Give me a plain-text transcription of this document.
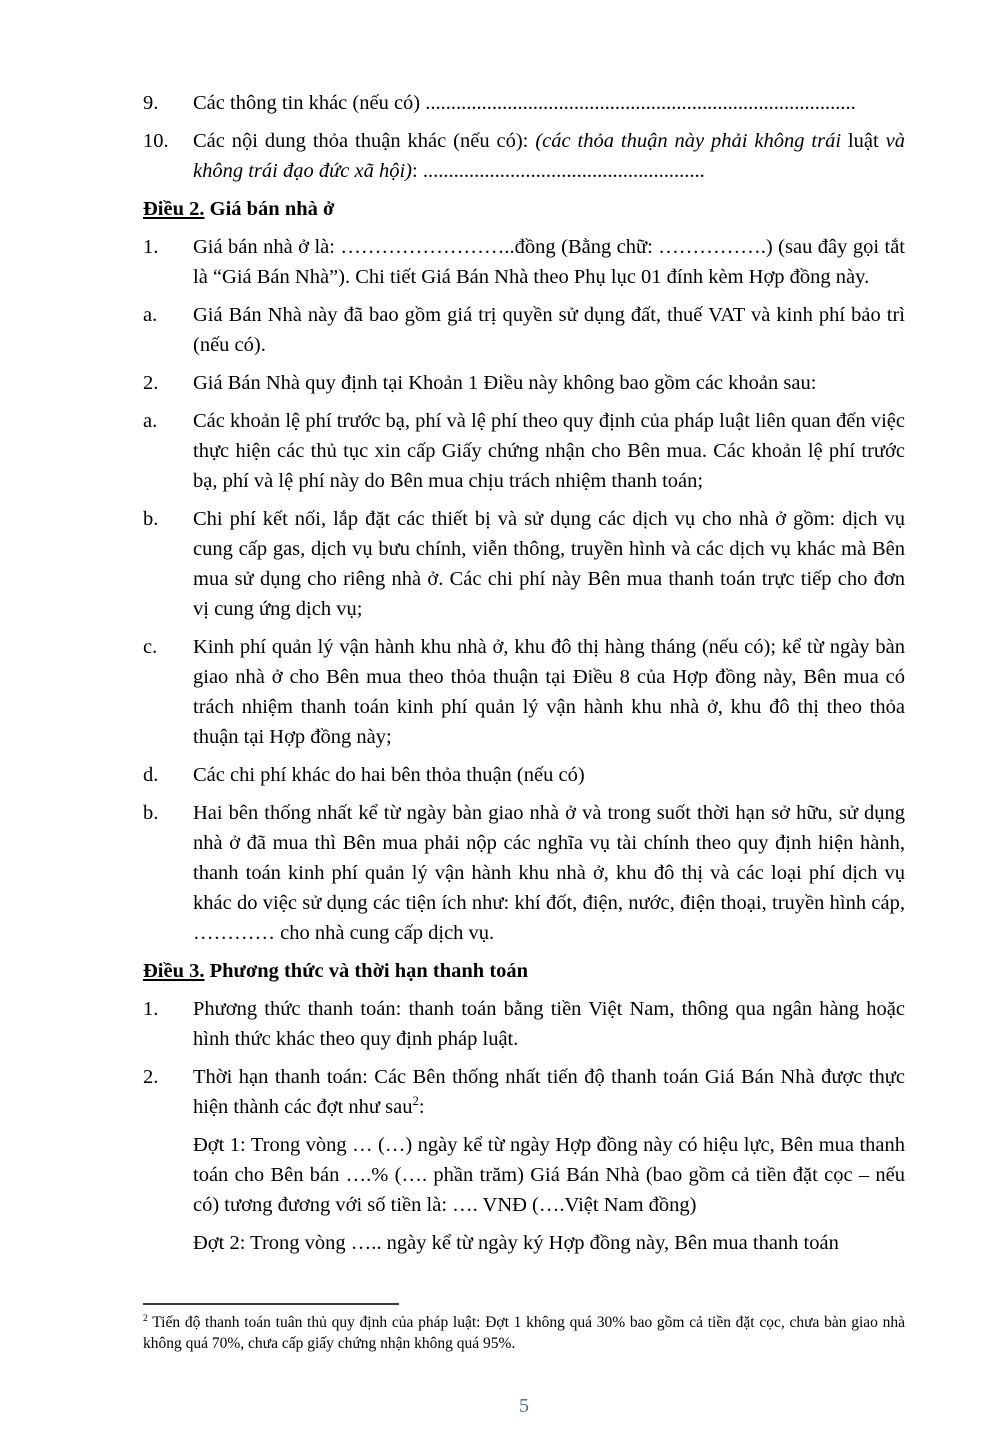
9. Các thông tin khác (nếu có) ....................................................................................
10. Các nội dung thỏa thuận khác (nếu có): (các thỏa thuận này phải không trái luật và không trái đạo đức xã hội): .......................................................
Điều 2. Giá bán nhà ở
1. Giá bán nhà ở là: ……………………..đồng (Bằng chữ: …………….) (sau đây gọi tắt là “Giá Bán Nhà”). Chi tiết Giá Bán Nhà theo Phụ lục 01 đính kèm Hợp đồng này.
a. Giá Bán Nhà này đã bao gồm giá trị quyền sử dụng đất, thuế VAT và kinh phí bảo trì (nếu có).
2. Giá Bán Nhà quy định tại Khoản 1 Điều này không bao gồm các khoản sau:
a. Các khoản lệ phí trước bạ, phí và lệ phí theo quy định của pháp luật liên quan đến việc thực hiện các thủ tục xin cấp Giấy chứng nhận cho Bên mua. Các khoản lệ phí trước bạ, phí và lệ phí này do Bên mua chịu trách nhiệm thanh toán;
b. Chi phí kết nối, lắp đặt các thiết bị và sử dụng các dịch vụ cho nhà ở gồm: dịch vụ cung cấp gas, dịch vụ bưu chính, viễn thông, truyền hình và các dịch vụ khác mà Bên mua sử dụng cho riêng nhà ở. Các chi phí này Bên mua thanh toán trực tiếp cho đơn vị cung ứng dịch vụ;
c. Kinh phí quản lý vận hành khu nhà ở, khu đô thị hàng tháng (nếu có); kể từ ngày bàn giao nhà ở cho Bên mua theo thỏa thuận tại Điều 8 của Hợp đồng này, Bên mua có trách nhiệm thanh toán kinh phí quản lý vận hành khu nhà ở, khu đô thị theo thỏa thuận tại Hợp đồng này;
d. Các chi phí khác do hai bên thỏa thuận (nếu có)
b. Hai bên thống nhất kể từ ngày bàn giao nhà ở và trong suốt thời hạn sở hữu, sử dụng nhà ở đã mua thì Bên mua phải nộp các nghĩa vụ tài chính theo quy định hiện hành, thanh toán kinh phí quản lý vận hành khu nhà ở, khu đô thị và các loại phí dịch vụ khác do việc sử dụng các tiện ích như: khí đốt, điện, nước, điện thoại, truyền hình cáp, ………… cho nhà cung cấp dịch vụ.
Điều 3. Phương thức và thời hạn thanh toán
1. Phương thức thanh toán: thanh toán bằng tiền Việt Nam, thông qua ngân hàng hoặc hình thức khác theo quy định pháp luật.
2. Thời hạn thanh toán: Các Bên thống nhất tiến độ thanh toán Giá Bán Nhà được thực hiện thành các đợt như sau$^2$:
Đợt 1: Trong vòng … (…) ngày kể từ ngày Hợp đồng này có hiệu lực, Bên mua thanh toán cho Bên bán ….% (…. phần trăm) Giá Bán Nhà (bao gồm cả tiền đặt cọc – nếu có) tương đương với số tiền là: …. VNĐ (….Việt Nam đồng)
Đợt 2: Trong vòng ….. ngày kể từ ngày ký Hợp đồng này, Bên mua thanh toán
$^2$ Tiến độ thanh toán tuân thủ quy định của pháp luật: Đợt 1 không quá 30% bao gồm cả tiền đặt cọc, chưa bàn giao nhà không quá 70%, chưa cấp giấy chứng nhận không quá 95%.
5
